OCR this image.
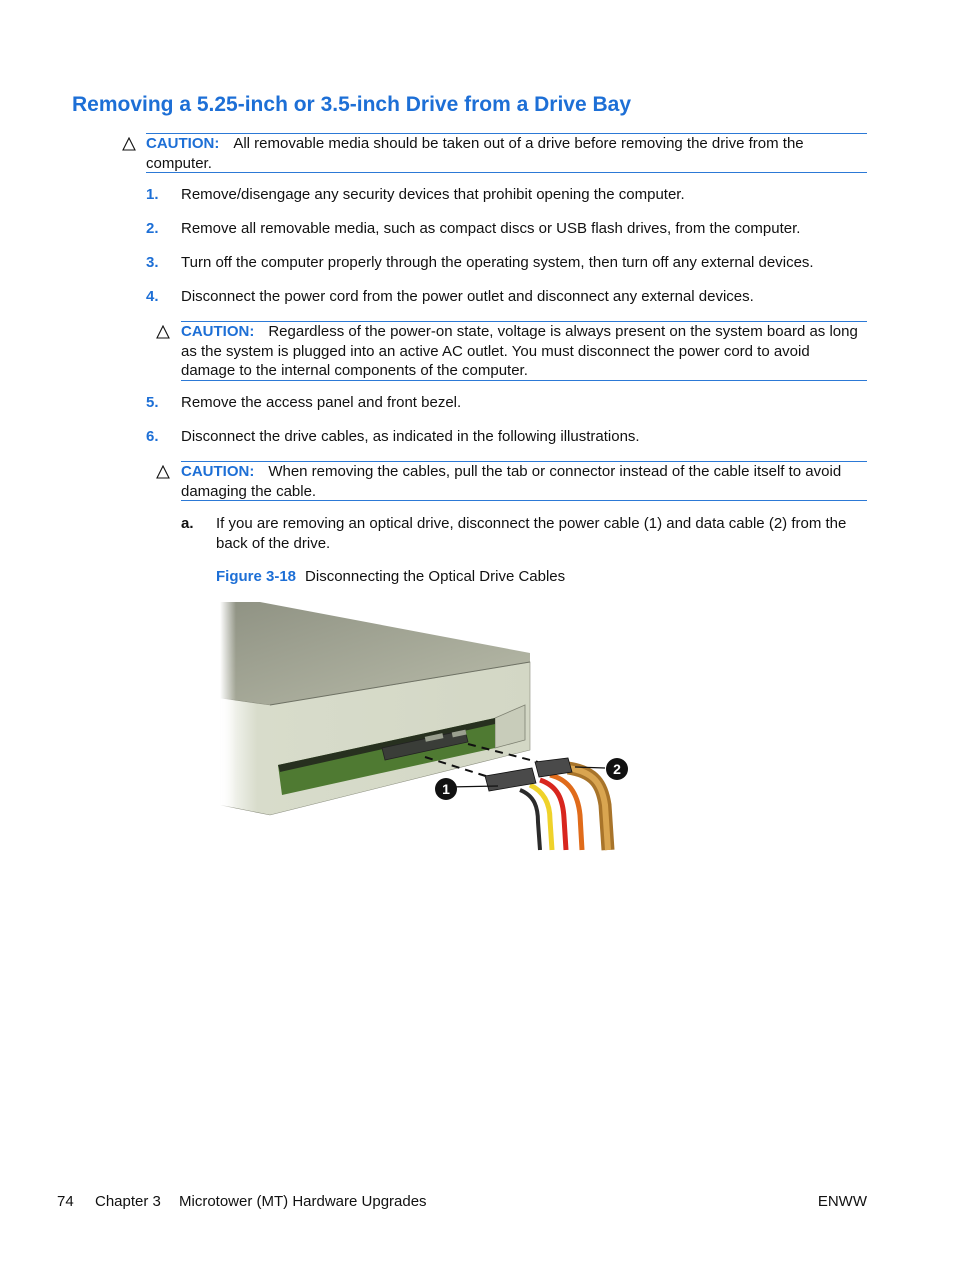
Removing a 5.25-inch or 3.5-inch Drive from a Drive Bay
CAUTION: All removable media should be taken out of a drive before removing the drive from the computer.
1. Remove/disengage any security devices that prohibit opening the computer.
2. Remove all removable media, such as compact discs or USB flash drives, from the computer.
3. Turn off the computer properly through the operating system, then turn off any external devices.
4. Disconnect the power cord from the power outlet and disconnect any external devices.
CAUTION: Regardless of the power-on state, voltage is always present on the system board as long as the system is plugged into an active AC outlet. You must disconnect the power cord to avoid damage to the internal components of the computer.
5. Remove the access panel and front bezel.
6. Disconnect the drive cables, as indicated in the following illustrations.
CAUTION: When removing the cables, pull the tab or connector instead of the cable itself to avoid damaging the cable.
a. If you are removing an optical drive, disconnect the power cable (1) and data cable (2) from the back of the drive.
Figure 3-18 Disconnecting the Optical Drive Cables
1
2
74 Chapter 3 Microtower (MT) Hardware Upgrades	ENWW
